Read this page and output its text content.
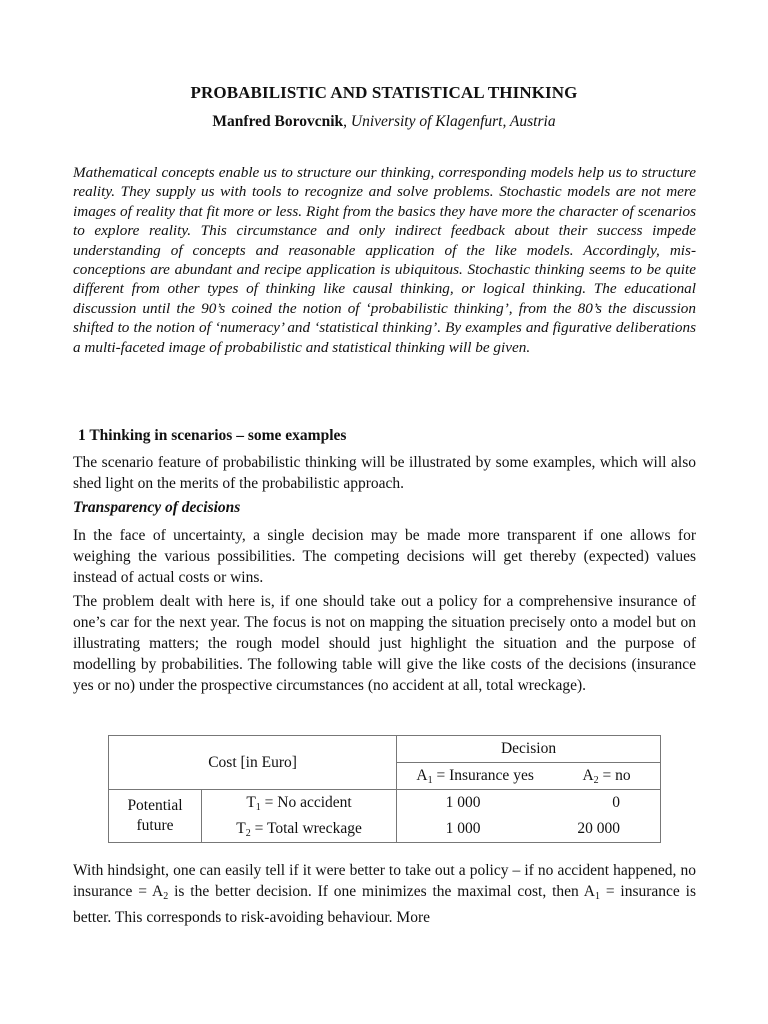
PROBABILISTIC AND STATISTICAL THINKING
Manfred Borovcnik, University of Klagenfurt, Austria

Mathematical concepts enable us to structure our thinking, corresponding models help us to structure reality. They supply us with tools to recognize and solve problems. Stochastic models are not mere images of reality that fit more or less. Right from the basics they have more the character of scenarios to explore reality. This circumstance and only indirect feedback about their success impede understanding of concepts and reasonable application of the like models. Accordingly, mis-conceptions are abundant and recipe application is ubiquitous. Stochastic thinking seems to be quite different from other types of thinking like causal thinking, or logical thinking. The educational discussion until the 90’s coined the notion of ‘probabilistic thinking’, from the 80’s the discussion shifted to the notion of ‘numeracy’ and ‘statistical thinking’. By examples and figurative deliberations a multi-faceted image of probabilistic and statistical thinking will be given.

1 Thinking in scenarios – some examples

The scenario feature of probabilistic thinking will be illustrated by some examples, which will also shed light on the merits of the probabilistic approach.

Transparency of decisions

In the face of uncertainty, a single decision may be made more transparent if one allows for weighing the various possibilities. The competing decisions will get thereby (expected) values instead of actual costs or wins.

The problem dealt with here is, if one should take out a policy for a comprehensive insurance of one’s car for the next year. The focus is not on mapping the situation precisely onto a model but on illustrating matters; the rough model should just highlight the situation and the purpose of modelling by probabilities. The following table will give the like costs of the decisions (insurance yes or no) under the prospective circumstances (no accident at all, total wreckage).

Cost [in Euro]		Decision	
		$A_1$ = Insurance yes	$A_2$ = no
Potential future	$T_1 = No$ accident	1 000	0
	$T_2$ = Total wreckage	1 000	20 000

With hindsight, one can easily tell if it were better to take out a policy – if no accident happened, no insurance = $A_2$ is the better decision. If one minimizes the maximal cost, then $A_1$ = insurance is better. This corresponds to risk-avoiding behaviour. More
